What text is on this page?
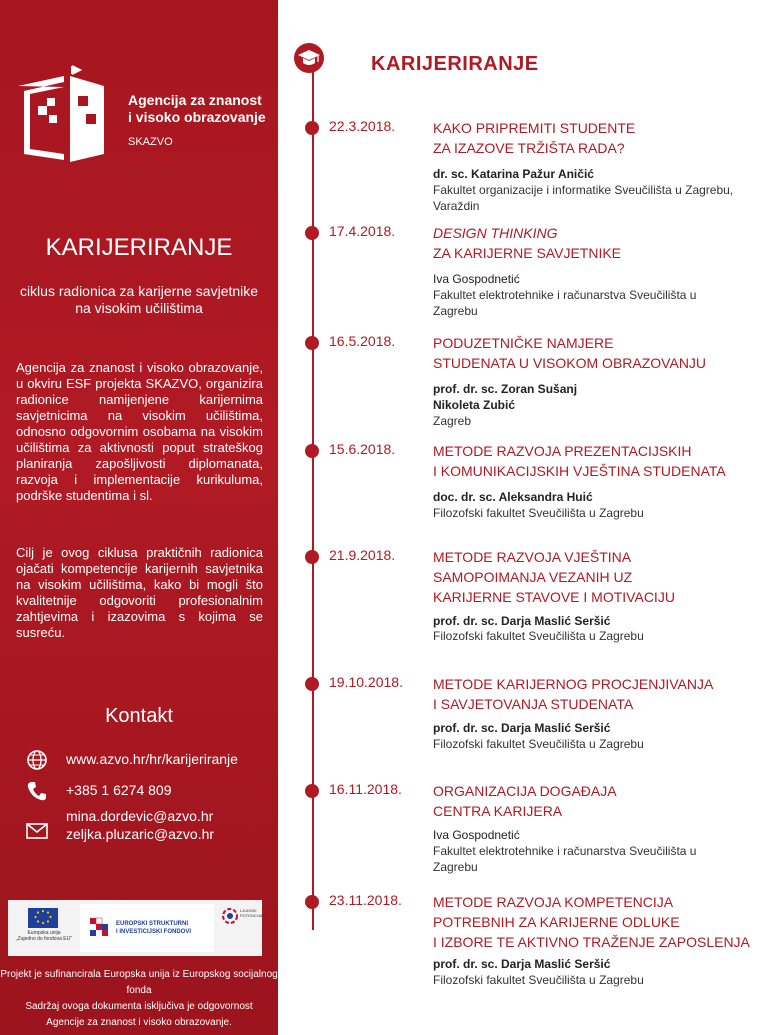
Agencija za znanost
i visoko obrazovanje
SKAZVO
KARIJERIRANJE
ciklus radionica za karijerne savjetnike na visokim učilištima
Agencija za znanost i visoko obrazovanje, u okviru ESF projekta SKAZVO, organizira radionice namijenjene karijernima savjetnicima na visokim učilištima, odnosno odgovornim osobama na visokim učilištima za aktivnosti poput strateškog planiranja zapošljivosti diplomanata, razvoja i implementacije kurikuluma, podrške studentima i sl.
Cilj je ovog ciklusa praktičnih radionica ojačati kompetencije karijernih savjetnika na visokim učilištima, kako bi mogli što kvalitetnije odgovoriti profesionalnim zahtjevima i izazovima s kojima se susreću.
Kontakt
www.azvo.hr/hr/karijeriranje
+385 1 6274 809
mina.dordevic@azvo.hr
zeljka.pluzaric@azvo.hr
Europska unija
„Zajedno do fondova EU"
EUROPSKI STRUKTURNI
I INVESTICIJSKI FONDOVI
LJUDSKI POTENCIJALI
Projekt je sufinancirala Europska unija iz Europskog socijalnog fonda
Sadržaj ovoga dokumenta isključiva je odgovornost
Agencije za znanost i visoko obrazovanje.
KARIJERIRANJE
22.3.2018.	KAKO PRIPREMITI STUDENTE
ZA IZAZOVE TRŽIŠTA RADA?
dr. sc. Katarina Pažur Aničić
Fakultet organizacije i informatike Sveučilišta u Zagrebu, Varaždin
17.4.2018.	DESIGN THINKING
ZA KARIJERNE SAVJETNIKE
Iva Gospodnetić
Fakultet elektrotehnike i računarstva Sveučilišta u Zagrebu
16.5.2018.	PODUZETNIČKE NAMJERE
STUDENATA U VISOKOM OBRAZOVANJU
prof. dr. sc. Zoran Sušanj
Nikoleta Zubić
Zagreb
15.6.2018.	METODE RAZVOJA PREZENTACIJSKIH
I KOMUNIKACIJSKIH VJEŠTINA STUDENATA
doc. dr. sc. Aleksandra Huić
Filozofski fakultet Sveučilišta u Zagrebu
21.9.2018.	METODE RAZVOJA VJEŠTINA
SAMOPOIMANJA VEZANIH UZ
KARIJERNE STAVOVE I MOTIVACIJU
prof. dr. sc. Darja Maslić Seršić
Filozofski fakultet Sveučilišta u Zagrebu
19.10.2018. METODE KARIJERNOG PROCJENJIVANJA
I SAVJETOVANJA STUDENATA
prof. dr. sc. Darja Maslić Seršić
Filozofski fakultet Sveučilišta u Zagrebu
16.11.2018. ORGANIZACIJA DOGAĐAJA
CENTRA KARIJERA
Iva Gospodnetić
Fakultet elektrotehnike i računarstva Sveučilišta u Zagrebu
23.11.2018. METODE RAZVOJA KOMPETENCIJA
POTREBNIH ZA KARIJERNE ODLUKE
I IZBORE TE AKTIVNO TRAŽENJE ZAPOSLENJA
prof. dr. sc. Darja Maslić Seršić
Filozofski fakultet Sveučilišta u Zagrebu
